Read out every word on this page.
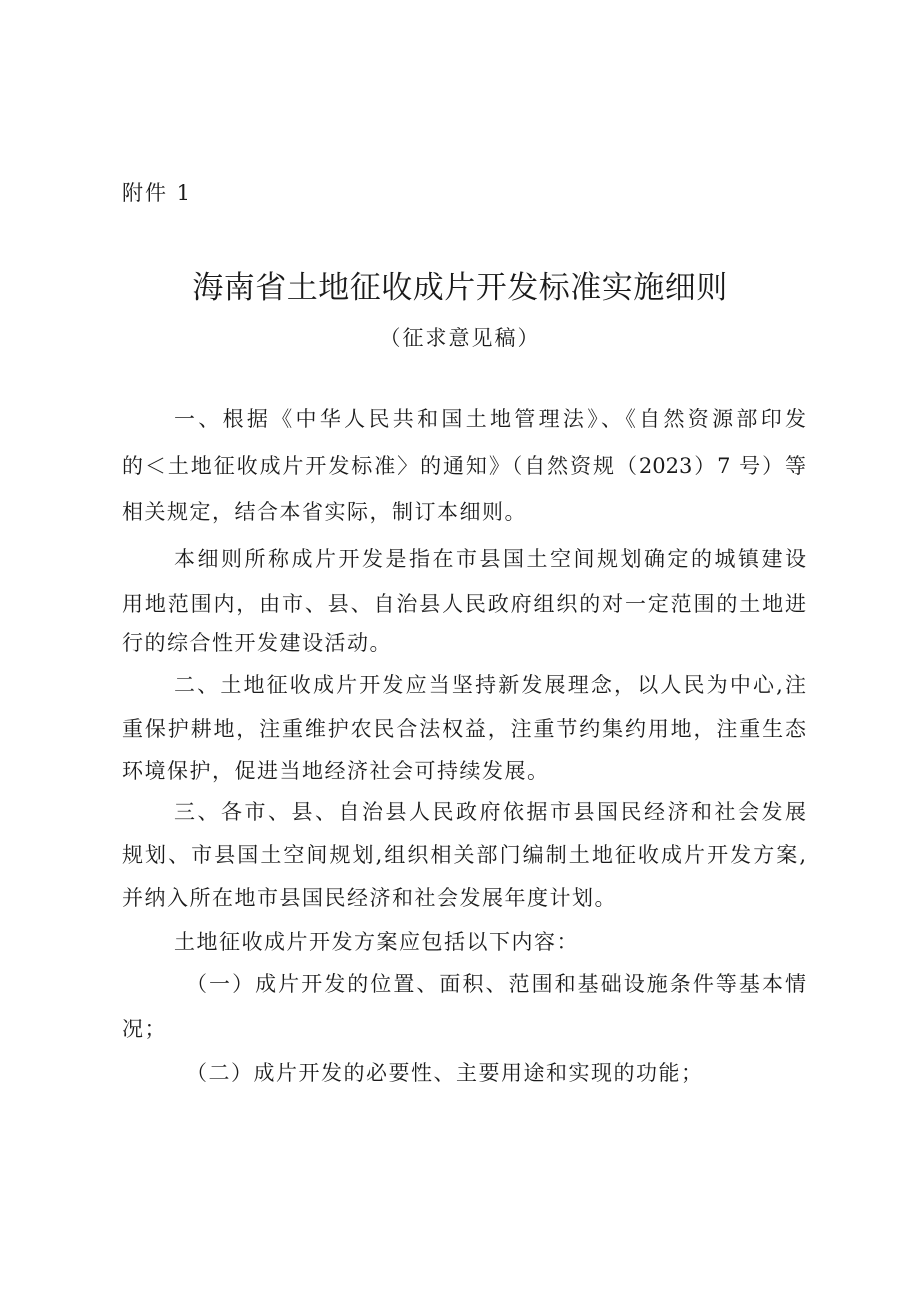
附件 1
海南省土地征收成片开发标准实施细则
（征求意见稿）
一、根据《中华人民共和国土地管理法》、《自然资源部印发
的＜土地征收成片开发标准〉的通知》（自然资规（2023）7 号）等
相关规定，结合本省实际，制订本细则。
本细则所称成片开发是指在市县国土空间规划确定的城镇建设
用地范围内，由市、县、自治县人民政府组织的对一定范围的土地进
行的综合性开发建设活动。
二、土地征收成片开发应当坚持新发展理念，以人民为中心,注
重保护耕地，注重维护农民合法权益，注重节约集约用地，注重生态
环境保护，促进当地经济社会可持续发展。
三、各市、县、自治县人民政府依据市县国民经济和社会发展
规划、市县国土空间规划,组织相关部门编制土地征收成片开发方案,
并纳入所在地市县国民经济和社会发展年度计划。
土地征收成片开发方案应包括以下内容：
（一）成片开发的位置、面积、范围和基础设施条件等基本情
况；
（二）成片开发的必要性、主要用途和实现的功能；
